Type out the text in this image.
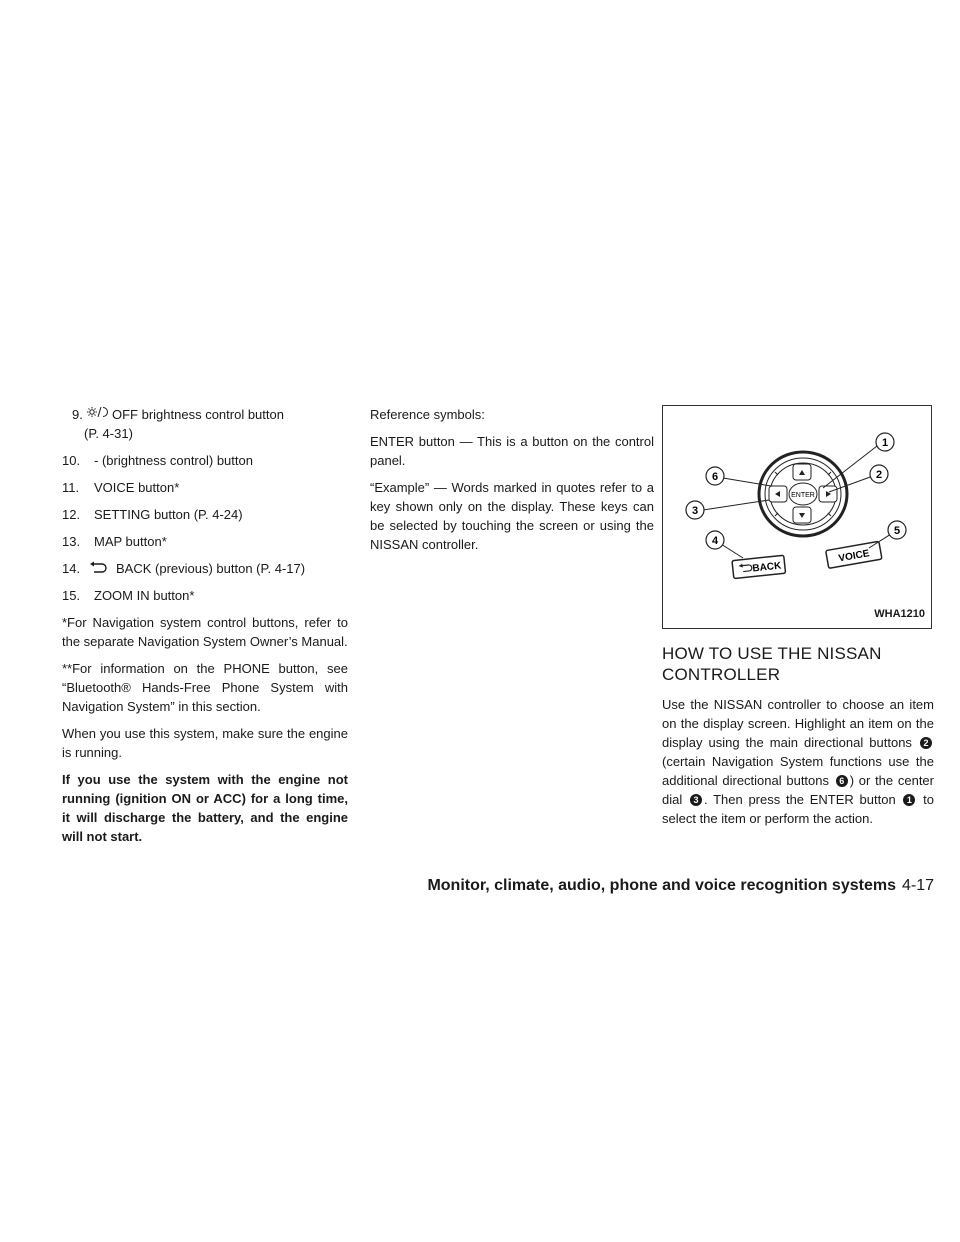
9. OFF brightness control button
(P. 4-31)
10.	- (brightness control) button
11.	VOICE button*
12.	SETTING button (P. 4-24)
13.	MAP button*
14.	BACK (previous) button (P. 4-17)
15.	ZOOM IN button*

*For Navigation system control buttons, refer to the separate Navigation System Owner’s Manual.

**For information on the PHONE button, see “Bluetooth® Hands-Free Phone System with Navigation System” in this section.

When you use this system, make sure the engine is running.

If you use the system with the engine not running (ignition ON or ACC) for a long time, it will discharge the battery, and the engine will not start.

Reference symbols:

ENTER button — This is a button on the control panel.

“Example” — Words marked in quotes refer to a key shown only on the display. These keys can be selected by touching the screen or using the NISSAN controller.

ENTER
BACK
VOICE
1
2
3
4
5
6
WHA1210
HOW TO USE THE NISSAN CONTROLLER

Use the NISSAN controller to choose an item on the display screen. Highlight an item on the display using the main directional buttons 2 (certain Navigation System functions use the additional directional buttons 6 ) or the center dial 3 . Then press the ENTER button 1 to select the item or perform the action.

Monitor, climate, audio, phone and voice recognition systems 4-17
